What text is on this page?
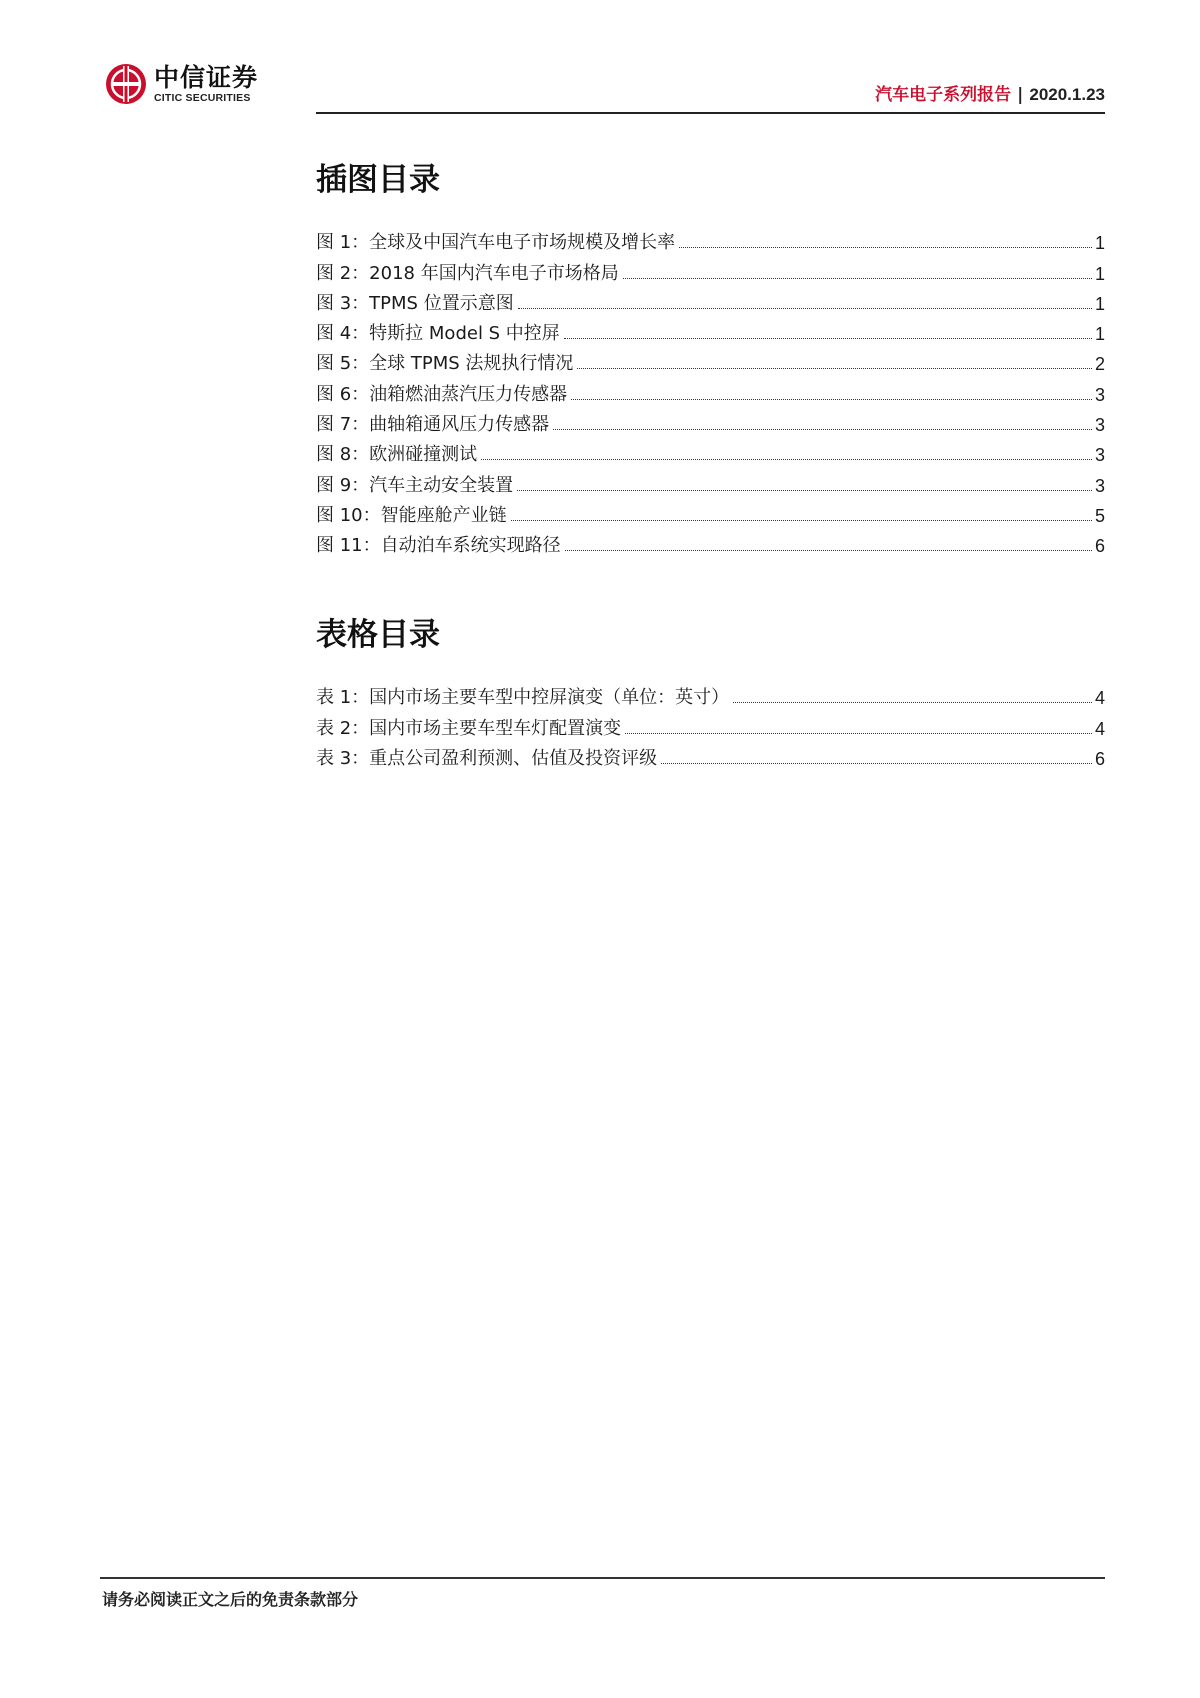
中信证券
CITIC SECURITIES	汽车电子系列报告 | 2020.1.23
插图目录
图 1：全球及中国汽车电子市场规模及增长率	1
图 2：2018 年国内汽车电子市场格局	1
图 3：TPMS 位置示意图	1
图 4：特斯拉 Model S 中控屏	1
图 5：全球 TPMS 法规执行情况	2
图 6：油箱燃油蒸汽压力传感器	3
图 7：曲轴箱通风压力传感器	3
图 8：欧洲碰撞测试	3
图 9：汽车主动安全装置	3
图 10：智能座舱产业链	5
图 11：自动泊车系统实现路径	6
表格目录
表 1：国内市场主要车型中控屏演变（单位：英寸）	4
表 2：国内市场主要车型车灯配置演变	4
表 3：重点公司盈利预测、估值及投资评级	6
请务必阅读正文之后的免责条款部分
